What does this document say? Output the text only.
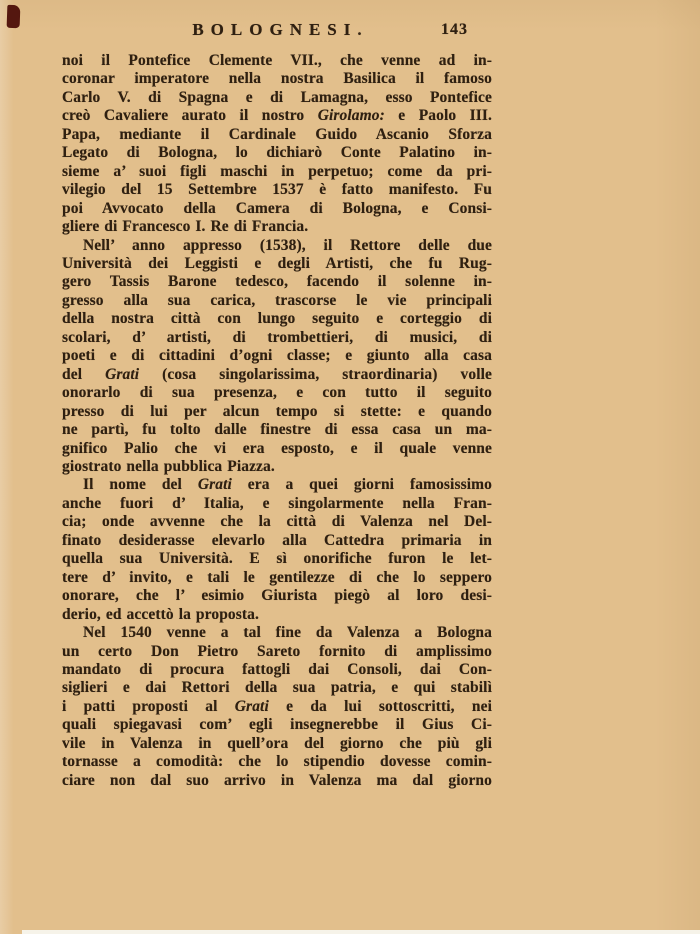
BOLOGNESI.	143
noi il Pontefice Clemente VII., che venne ad in-
coronar imperatore nella nostra Basilica il famoso
Carlo V. di Spagna e di Lamagna, esso Pontefice
creò Cavaliere aurato il nostro Girolamo: e Paolo III.
Papa, mediante il Cardinale Guido Ascanio Sforza
Legato di Bologna, lo dichiarò Conte Palatino in-
sieme a’ suoi figli maschi in perpetuo; come da pri-
vilegio del 15 Settembre 1537 è fatto manifesto. Fu
poi Avvocato della Camera di Bologna, e Consi-
gliere di Francesco I. Re di Francia.
Nell’ anno appresso (1538), il Rettore delle due
Università dei Leggisti e degli Artisti, che fu Rug-
gero Tassis Barone tedesco, facendo il solenne in-
gresso alla sua carica, trascorse le vie principali
della nostra città con lungo seguito e corteggio di
scolari, d’ artisti, di trombettieri, di musici, di
poeti e di cittadini d’ogni classe; e giunto alla casa
del Grati (cosa singolarissima, straordinaria) volle
onorarlo di sua presenza, e con tutto il seguito
presso di lui per alcun tempo si stette: e quando
ne partì, fu tolto dalle finestre di essa casa un ma-
gnifico Palio che vi era esposto, e il quale venne
giostrato nella pubblica Piazza.
Il nome del Grati era a quei giorni famosissimo
anche fuori d’ Italia, e singolarmente nella Fran-
cia; onde avvenne che la città di Valenza nel Del-
finato desiderasse elevarlo alla Cattedra primaria in
quella sua Università. E sì onorifiche furon le let-
tere d’ invito, e tali le gentilezze di che lo seppero
onorare, che l’ esimio Giurista piegò al loro desi-
derio, ed accettò la proposta.
Nel 1540 venne a tal fine da Valenza a Bologna
un certo Don Pietro Sareto fornito di amplissimo
mandato di procura fattogli dai Consoli, dai Con-
siglieri e dai Rettori della sua patria, e qui stabilì
i patti proposti al Grati e da lui sottoscritti, nei
quali spiegavasi com’ egli insegnerebbe il Gius Ci-
vile in Valenza in quell’ora del giorno che più gli
tornasse a comodità: che lo stipendio dovesse comin-
ciare non dal suo arrivo in Valenza ma dal giorno
